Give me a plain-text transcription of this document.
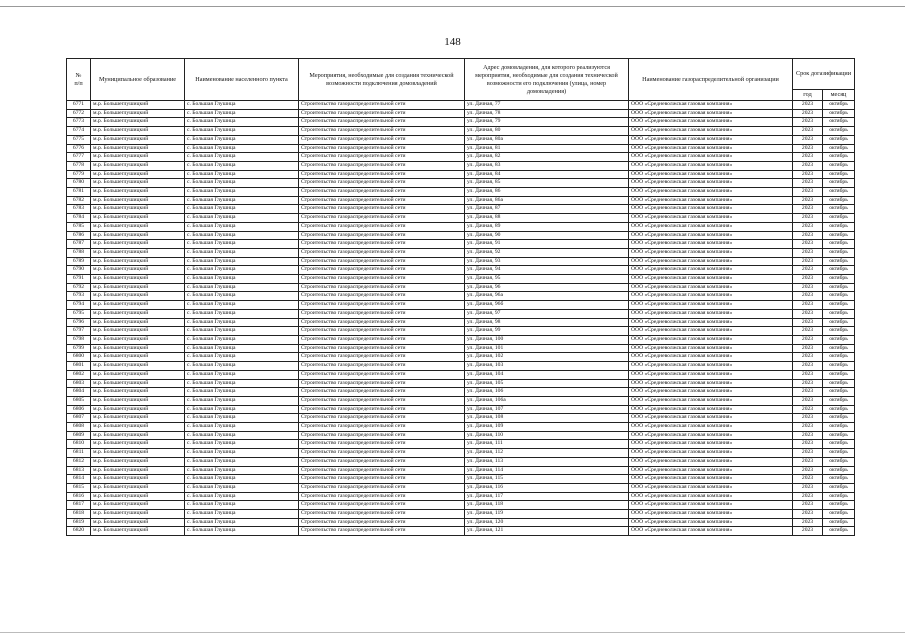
148
№
п/п	Муниципальное образование	Наименование населенного пункта	Мероприятия, необходимые для создания технической возможности подключения домовладений	Адрес домовладения, для которого реализуются мероприятия, необходимые для создания технической возможности его подключения (улица, номер домовладения)	Наименование газораспределительной организации	Срок догазификации	
						год	месяц
6771	м.р. Большеглушицкий	с. Большая Глушица	Строительство газораспределительной сети	ул. Дачная, 77	ООО «Средневолжская газовая компания»	2023	октябрь
6772	м.р. Большеглушицкий	с. Большая Глушица	Строительство газораспределительной сети	ул. Дачная, 78	ООО «Средневолжская газовая компания»	2023	октябрь
6773	м.р. Большеглушицкий	с. Большая Глушица	Строительство газораспределительной сети	ул. Дачная, 79	ООО «Средневолжская газовая компания»	2023	октябрь
6774	м.р. Большеглушицкий	с. Большая Глушица	Строительство газораспределительной сети	ул. Дачная, 80	ООО «Средневолжская газовая компания»	2023	октябрь
6775	м.р. Большеглушицкий	с. Большая Глушица	Строительство газораспределительной сети	ул. Дачная, 80а	ООО «Средневолжская газовая компания»	2023	октябрь
6776	м.р. Большеглушицкий	с. Большая Глушица	Строительство газораспределительной сети	ул. Дачная, 81	ООО «Средневолжская газовая компания»	2023	октябрь
6777	м.р. Большеглушицкий	с. Большая Глушица	Строительство газораспределительной сети	ул. Дачная, 82	ООО «Средневолжская газовая компания»	2023	октябрь
6778	м.р. Большеглушицкий	с. Большая Глушица	Строительство газораспределительной сети	ул. Дачная, 83	ООО «Средневолжская газовая компания»	2023	октябрь
6779	м.р. Большеглушицкий	с. Большая Глушица	Строительство газораспределительной сети	ул. Дачная, 84	ООО «Средневолжская газовая компания»	2023	октябрь
6780	м.р. Большеглушицкий	с. Большая Глушица	Строительство газораспределительной сети	ул. Дачная, 85	ООО «Средневолжская газовая компания»	2023	октябрь
6781	м.р. Большеглушицкий	с. Большая Глушица	Строительство газораспределительной сети	ул. Дачная, 86	ООО «Средневолжская газовая компания»	2023	октябрь
6782	м.р. Большеглушицкий	с. Большая Глушица	Строительство газораспределительной сети	ул. Дачная, 86а	ООО «Средневолжская газовая компания»	2023	октябрь
6783	м.р. Большеглушицкий	с. Большая Глушица	Строительство газораспределительной сети	ул. Дачная, 87	ООО «Средневолжская газовая компания»	2023	октябрь
6784	м.р. Большеглушицкий	с. Большая Глушица	Строительство газораспределительной сети	ул. Дачная, 88	ООО «Средневолжская газовая компания»	2023	октябрь
6785	м.р. Большеглушицкий	с. Большая Глушица	Строительство газораспределительной сети	ул. Дачная, 89	ООО «Средневолжская газовая компания»	2023	октябрь
6786	м.р. Большеглушицкий	с. Большая Глушица	Строительство газораспределительной сети	ул. Дачная, 90	ООО «Средневолжская газовая компания»	2023	октябрь
6787	м.р. Большеглушицкий	с. Большая Глушица	Строительство газораспределительной сети	ул. Дачная, 91	ООО «Средневолжская газовая компания»	2023	октябрь
6788	м.р. Большеглушицкий	с. Большая Глушица	Строительство газораспределительной сети	ул. Дачная, 92	ООО «Средневолжская газовая компания»	2023	октябрь
6789	м.р. Большеглушицкий	с. Большая Глушица	Строительство газораспределительной сети	ул. Дачная, 93	ООО «Средневолжская газовая компания»	2023	октябрь
6790	м.р. Большеглушицкий	с. Большая Глушица	Строительство газораспределительной сети	ул. Дачная, 94	ООО «Средневолжская газовая компания»	2023	октябрь
6791	м.р. Большеглушицкий	с. Большая Глушица	Строительство газораспределительной сети	ул. Дачная, 95	ООО «Средневолжская газовая компания»	2023	октябрь
6792	м.р. Большеглушицкий	с. Большая Глушица	Строительство газораспределительной сети	ул. Дачная, 96	ООО «Средневолжская газовая компания»	2023	октябрь
6793	м.р. Большеглушицкий	с. Большая Глушица	Строительство газораспределительной сети	ул. Дачная, 96а	ООО «Средневолжская газовая компания»	2023	октябрь
6794	м.р. Большеглушицкий	с. Большая Глушица	Строительство газораспределительной сети	ул. Дачная, 96б	ООО «Средневолжская газовая компания»	2023	октябрь
6795	м.р. Большеглушицкий	с. Большая Глушица	Строительство газораспределительной сети	ул. Дачная, 97	ООО «Средневолжская газовая компания»	2023	октябрь
6796	м.р. Большеглушицкий	с. Большая Глушица	Строительство газораспределительной сети	ул. Дачная, 98	ООО «Средневолжская газовая компания»	2023	октябрь
6797	м.р. Большеглушицкий	с. Большая Глушица	Строительство газораспределительной сети	ул. Дачная, 99	ООО «Средневолжская газовая компания»	2023	октябрь
6798	м.р. Большеглушицкий	с. Большая Глушица	Строительство газораспределительной сети	ул. Дачная, 100	ООО «Средневолжская газовая компания»	2023	октябрь
6799	м.р. Большеглушицкий	с. Большая Глушица	Строительство газораспределительной сети	ул. Дачная, 101	ООО «Средневолжская газовая компания»	2023	октябрь
6800	м.р. Большеглушицкий	с. Большая Глушица	Строительство газораспределительной сети	ул. Дачная, 102	ООО «Средневолжская газовая компания»	2023	октябрь
6801	м.р. Большеглушицкий	с. Большая Глушица	Строительство газораспределительной сети	ул. Дачная, 103	ООО «Средневолжская газовая компания»	2023	октябрь
6802	м.р. Большеглушицкий	с. Большая Глушица	Строительство газораспределительной сети	ул. Дачная, 104	ООО «Средневолжская газовая компания»	2023	октябрь
6803	м.р. Большеглушицкий	с. Большая Глушица	Строительство газораспределительной сети	ул. Дачная, 105	ООО «Средневолжская газовая компания»	2023	октябрь
6804	м.р. Большеглушицкий	с. Большая Глушица	Строительство газораспределительной сети	ул. Дачная, 106	ООО «Средневолжская газовая компания»	2023	октябрь
6805	м.р. Большеглушицкий	с. Большая Глушица	Строительство газораспределительной сети	ул. Дачная, 106а	ООО «Средневолжская газовая компания»	2023	октябрь
6806	м.р. Большеглушицкий	с. Большая Глушица	Строительство газораспределительной сети	ул. Дачная, 107	ООО «Средневолжская газовая компания»	2023	октябрь
6807	м.р. Большеглушицкий	с. Большая Глушица	Строительство газораспределительной сети	ул. Дачная, 108	ООО «Средневолжская газовая компания»	2023	октябрь
6808	м.р. Большеглушицкий	с. Большая Глушица	Строительство газораспределительной сети	ул. Дачная, 109	ООО «Средневолжская газовая компания»	2023	октябрь
6809	м.р. Большеглушицкий	с. Большая Глушица	Строительство газораспределительной сети	ул. Дачная, 110	ООО «Средневолжская газовая компания»	2023	октябрь
6810	м.р. Большеглушицкий	с. Большая Глушица	Строительство газораспределительной сети	ул. Дачная, 111	ООО «Средневолжская газовая компания»	2023	октябрь
6811	м.р. Большеглушицкий	с. Большая Глушица	Строительство газораспределительной сети	ул. Дачная, 112	ООО «Средневолжская газовая компания»	2023	октябрь
6812	м.р. Большеглушицкий	с. Большая Глушица	Строительство газораспределительной сети	ул. Дачная, 113	ООО «Средневолжская газовая компания»	2023	октябрь
6813	м.р. Большеглушицкий	с. Большая Глушица	Строительство газораспределительной сети	ул. Дачная, 114	ООО «Средневолжская газовая компания»	2023	октябрь
6814	м.р. Большеглушицкий	с. Большая Глушица	Строительство газораспределительной сети	ул. Дачная, 115	ООО «Средневолжская газовая компания»	2023	октябрь
6815	м.р. Большеглушицкий	с. Большая Глушица	Строительство газораспределительной сети	ул. Дачная, 116	ООО «Средневолжская газовая компания»	2023	октябрь
6816	м.р. Большеглушицкий	с. Большая Глушица	Строительство газораспределительной сети	ул. Дачная, 117	ООО «Средневолжская газовая компания»	2023	октябрь
6817	м.р. Большеглушицкий	с. Большая Глушица	Строительство газораспределительной сети	ул. Дачная, 118	ООО «Средневолжская газовая компания»	2023	октябрь
6818	м.р. Большеглушицкий	с. Большая Глушица	Строительство газораспределительной сети	ул. Дачная, 119	ООО «Средневолжская газовая компания»	2023	октябрь
6819	м.р. Большеглушицкий	с. Большая Глушица	Строительство газораспределительной сети	ул. Дачная, 120	ООО «Средневолжская газовая компания»	2023	октябрь
6820	м.р. Большеглушицкий	с. Большая Глушица	Строительство газораспределительной сети	ул. Дачная, 121	ООО «Средневолжская газовая компания»	2023	октябрь
